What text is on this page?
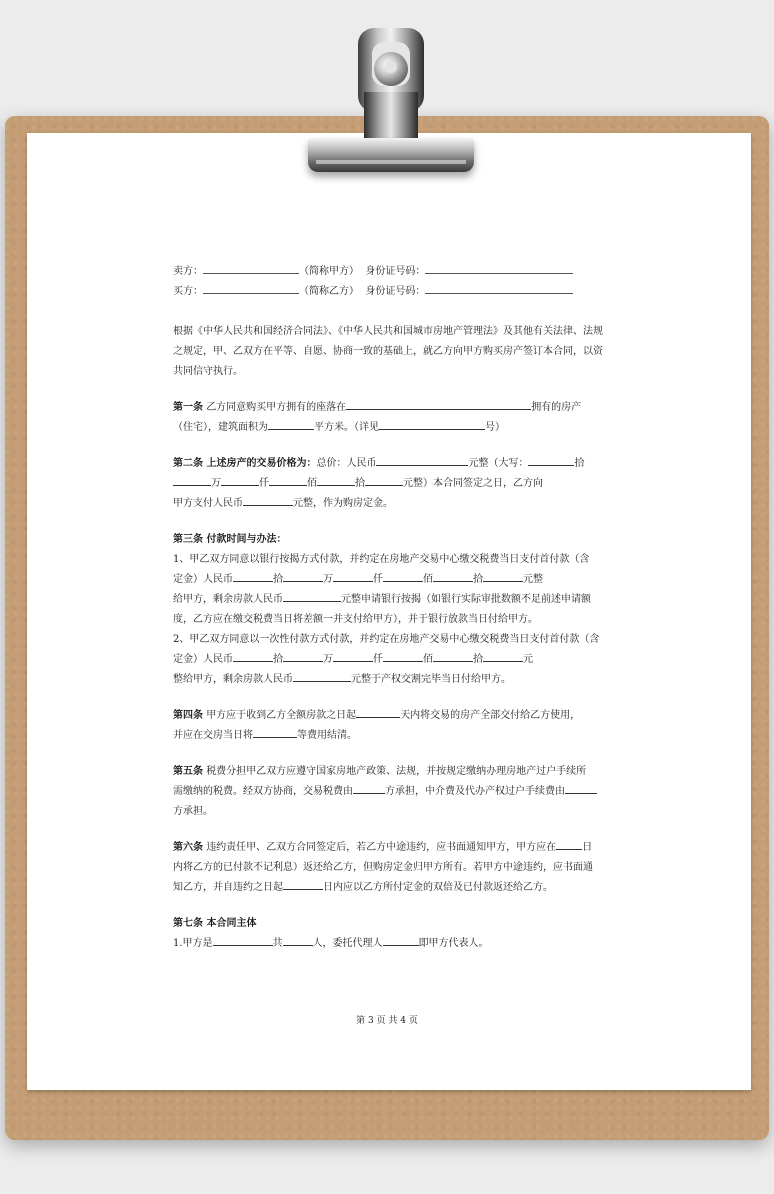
卖方：	（简称甲方） 身份证号码：
买方：	（简称乙方） 身份证号码：
根据《中华人民共和国经济合同法》、《中华人民共和国城市房地产管理法》及其他有关法律、法规之规定，甲、乙双方在平等、自愿、协商一致的基础上，就乙方向甲方购买房产签订本合同，以资共同信守执行。
第一条 乙方同意购买甲方拥有的座落在	拥有的房产
（住宅），建筑面积为	平方米。（详见	号）
第二条 上述房产的交易价格为：总价：人民币	元整（大写：	拾
万	仟	佰	拾	元整）本合同签定之日，乙方向
甲方支付人民币	元整，作为购房定金。
第三条 付款时间与办法：
1、甲乙双方同意以银行按揭方式付款，并约定在房地产交易中心缴交税费当日支付首付款（含
定金）人民币	拾	万	仟	佰	拾	元整
给甲方，剩余房款人民币	元整申请银行按揭（如银行实际审批数额不足前述申请额
度，乙方应在缴交税费当日将差额一并支付给甲方），并于银行放款当日付给甲方。
2、甲乙双方同意以一次性付款方式付款，并约定在房地产交易中心缴交税费当日支付首付款（含
定金）人民币	拾	万	仟	佰	拾	元
整给甲方，剩余房款人民币	元整于产权交割完毕当日付给甲方。
第四条 甲方应于收到乙方全额房款之日起	天内将交易的房产全部交付给乙方使用，
并应在交房当日将	等费用结清。
第五条 税费分担甲乙双方应遵守国家房地产政策、法规，并按规定缴纳办理房地产过户手续所
需缴纳的税费。经双方协商，交易税费由	方承担，中介费及代办产权过户手续费由
方承担。
第六条 违约责任甲、乙双方合同签定后，若乙方中途违约，应书面通知甲方，甲方应在	日
内将乙方的已付款不记利息）返还给乙方，但购房定金归甲方所有。若甲方中途违约，应书面通
知乙方，并自违约之日起	日内应以乙方所付定金的双倍及已付款返还给乙方。
第七条 本合同主体
1.甲方是	共	人，委托代理人	即甲方代表人。
第 3 页 共 4 页
